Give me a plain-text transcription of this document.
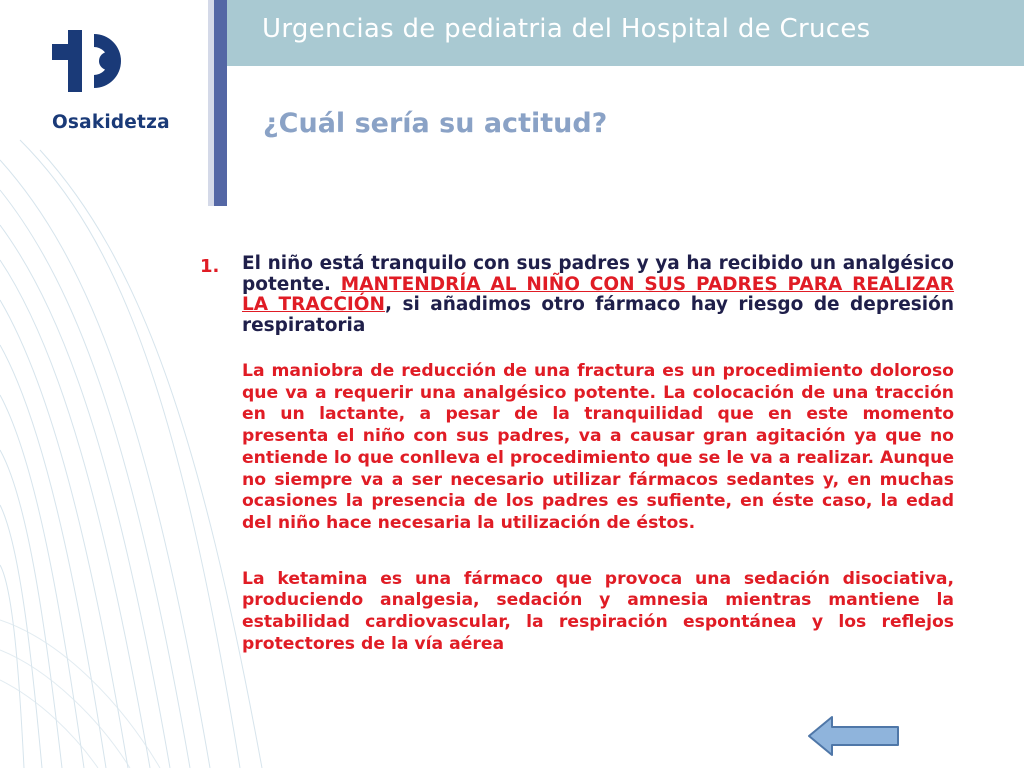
Osakidetza
Urgencias de pediatria del Hospital de Cruces
¿Cuál sería su actitud?
1. El niño está tranquilo con sus padres y ya ha recibido un analgésico potente. MANTENDRÍA AL NIÑO CON SUS PADRES PARA REALIZAR LA TRACCIÓN, si añadimos otro fármaco hay riesgo de depresión respiratoria

La maniobra de reducción de una fractura es un procedimiento doloroso que va a requerir una analgésico potente. La colocación de una tracción en un lactante, a pesar de la tranquilidad que en este momento presenta el niño con sus padres, va a causar gran agitación ya que no entiende lo que conlleva el procedimiento que se le va a realizar. Aunque no siempre va a ser necesario utilizar fármacos sedantes y, en muchas ocasiones la presencia de los padres es sufiente, en éste caso, la edad del niño hace necesaria la utilización de éstos.

La ketamina es una fármaco que provoca una sedación disociativa, produciendo analgesia, sedación y amnesia mientras mantiene la estabilidad cardiovascular, la respiración espontánea y los reflejos protectores de la vía aérea
